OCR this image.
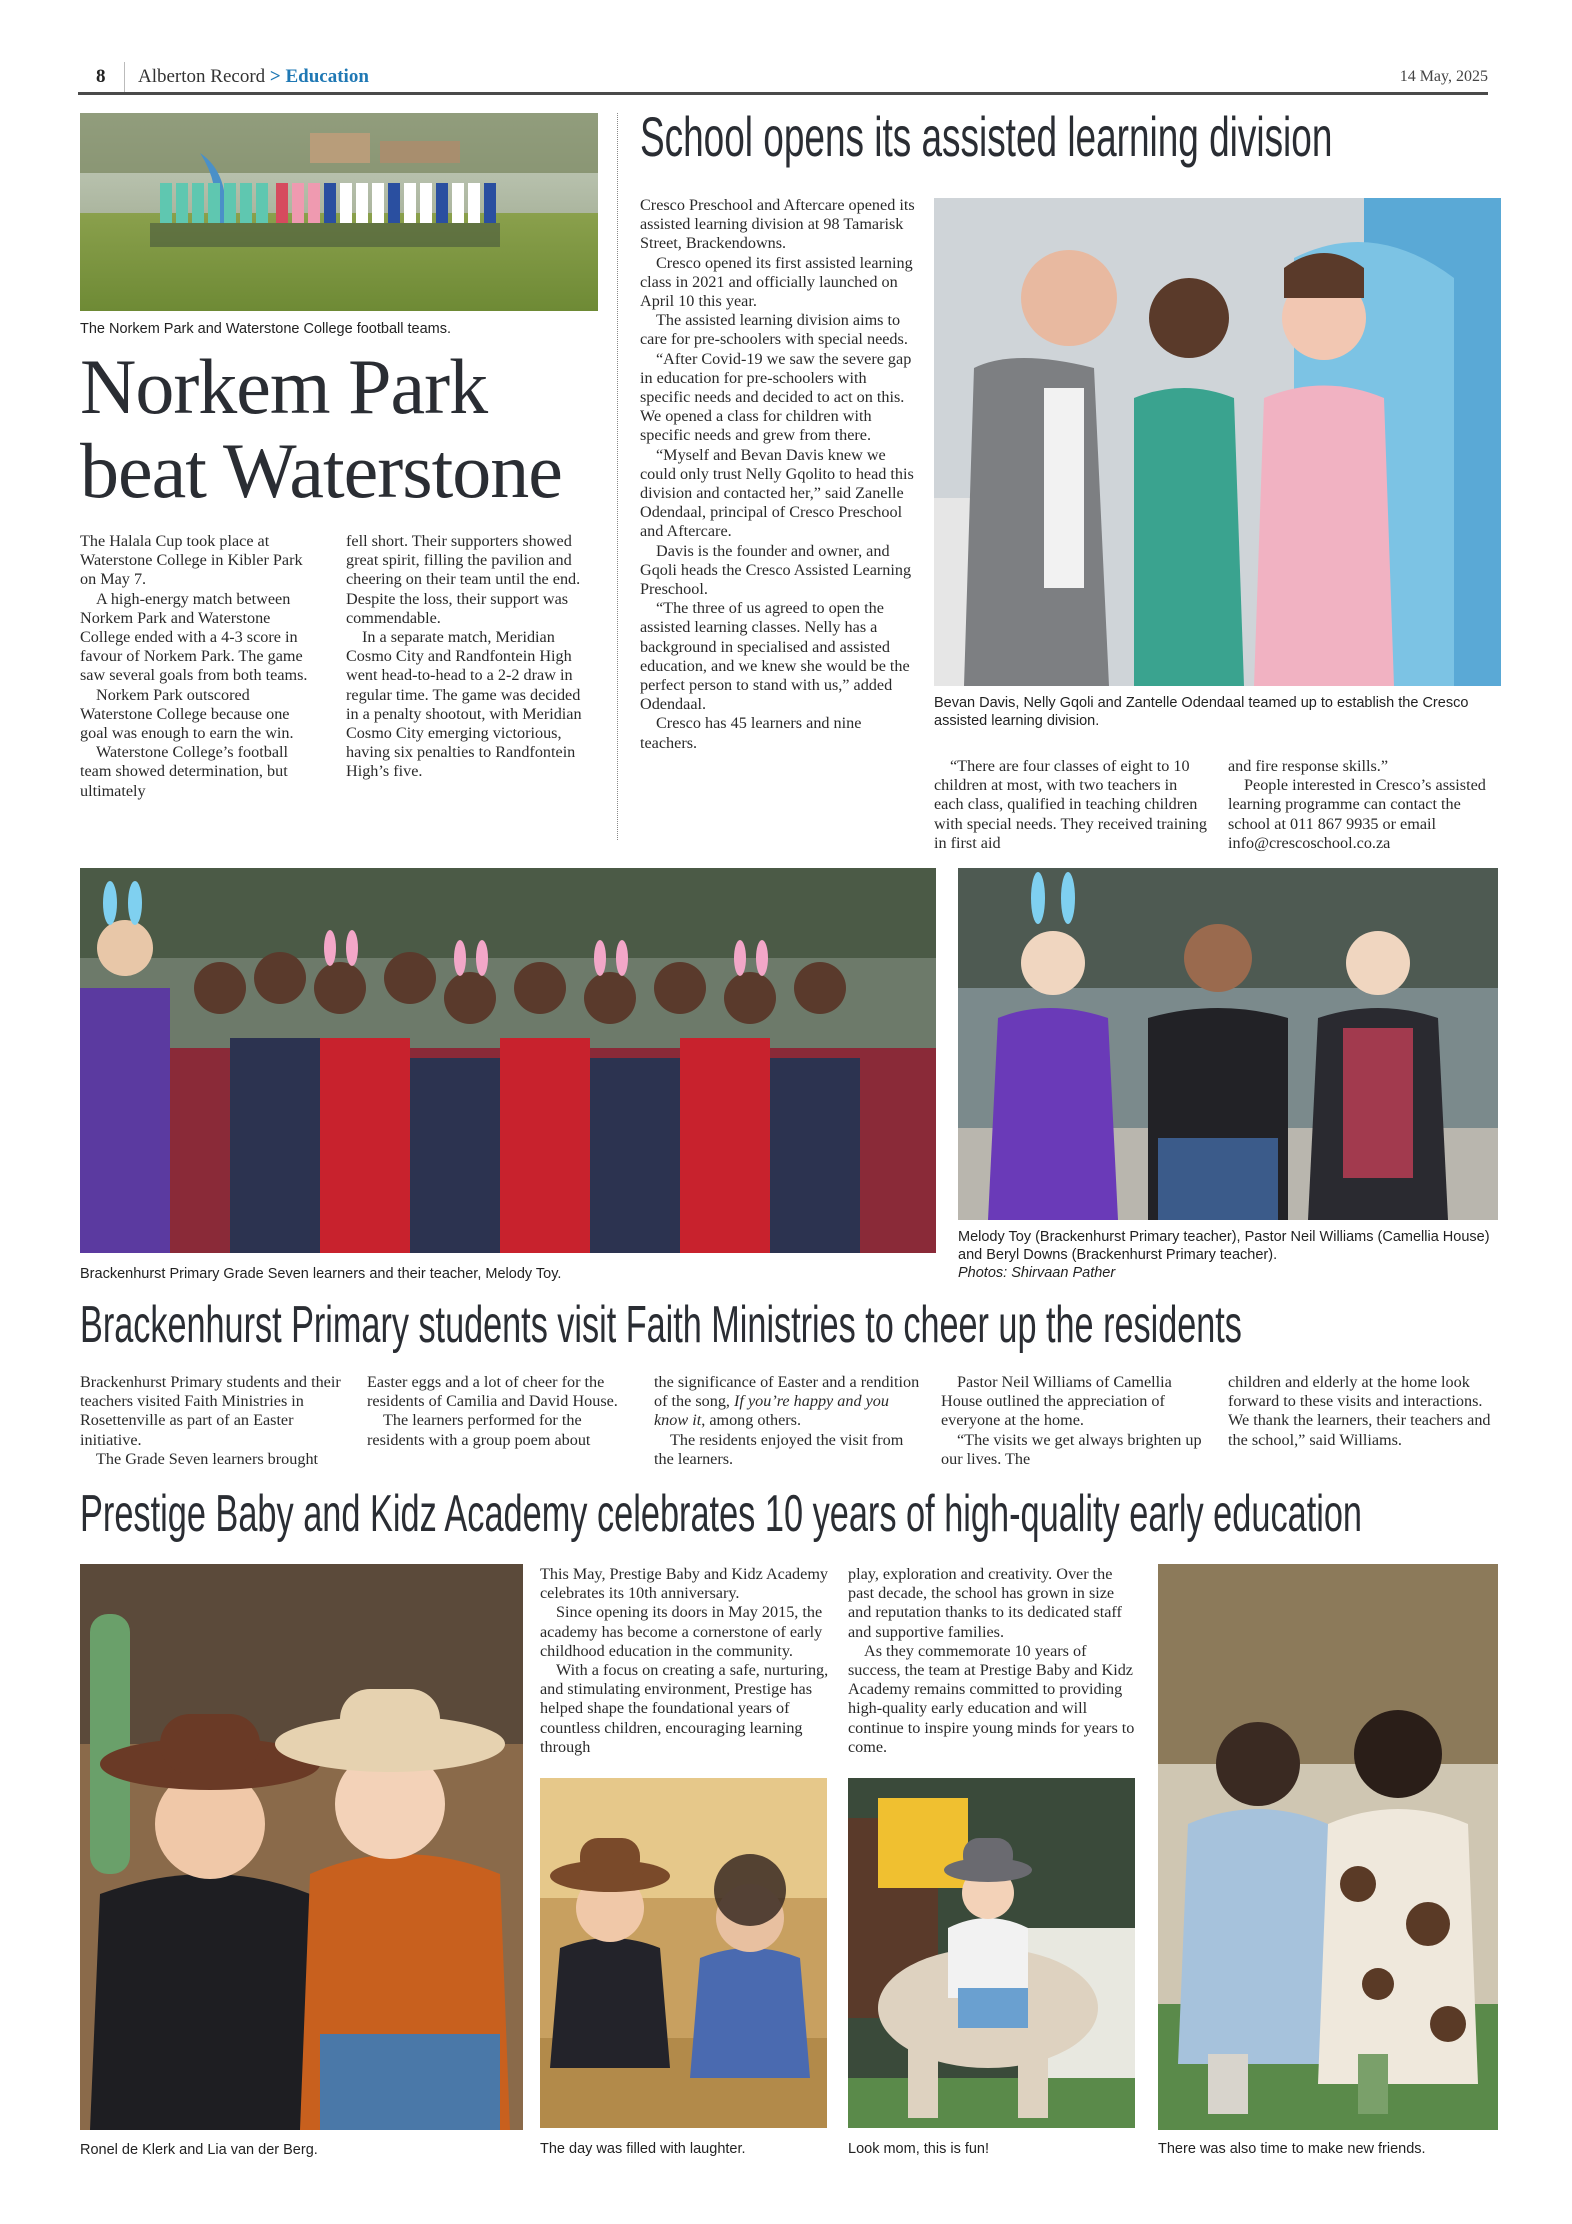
8 Alberton Record > Education	14 May, 2025
The Norkem Park and Waterstone College football teams.
Norkem Park
beat Waterstone

The Halala Cup took place at Waterstone College in Kibler Park on May 7.

A high-energy match between Norkem Park and Waterstone College ended with a 4-3 score in favour of Norkem Park. The game saw several goals from both teams.

Norkem Park outscored Waterstone College because one goal was enough to earn the win.

Waterstone College’s football team showed determination, but ultimately

fell short. Their supporters showed great spirit, filling the pavilion and cheering on their team until the end. Despite the loss, their support was commendable.

In a separate match, Meridian Cosmo City and Randfontein High went head-to-head to a 2-2 draw in regular time. The game was decided in a penalty shootout, with Meridian Cosmo City emerging victorious, having six penalties to Randfontein High’s five.

School opens its assisted learning division

Cresco Preschool and Aftercare opened its assisted learning division at 98 Tamarisk Street, Brackendowns.

Cresco opened its first assisted learning class in 2021 and officially launched on April 10 this year.

The assisted learning division aims to care for pre-schoolers with special needs.

“After Covid-19 we saw the severe gap in education for pre-schoolers with specific needs and decided to act on this. We opened a class for children with specific needs and grew from there.

“Myself and Bevan Davis knew we could only trust Nelly Gqolito to head this division and contacted her,” said Zanelle Odendaal, principal of Cresco Preschool and Aftercare.

Davis is the founder and owner, and Gqoli heads the Cresco Assisted Learning Preschool.

“The three of us agreed to open the assisted learning classes. Nelly has a background in specialised and assisted education, and we knew she would be the perfect person to stand with us,” added Odendaal.

Cresco has 45 learners and nine teachers.

Bevan Davis, Nelly Gqoli and Zantelle Odendaal teamed up to establish the Cresco assisted learning division.

“There are four classes of eight to 10 children at most, with two teachers in each class, qualified in teaching children with special needs. They received training in first aid

and fire response skills.”

People interested in Cresco’s assisted learning programme can contact the school at 011 867 9935 or email info@crescoschool.co.za

Brackenhurst Primary Grade Seven learners and their teacher, Melody Toy.
Melody Toy (Brackenhurst Primary teacher), Pastor Neil Williams (Camellia House) and Beryl Downs (Brackenhurst Primary teacher).
Photos: Shirvaan Pather
Brackenhurst Primary students visit Faith Ministries to cheer up the residents

Brackenhurst Primary students and their teachers visited Faith Ministries in Rosettenville as part of an Easter initiative.

The Grade Seven learners brought

Easter eggs and a lot of cheer for the residents of Camilia and David House.

The learners performed for the residents with a group poem about

the significance of Easter and a rendition of the song, If you’re happy and you know it, among others.

The residents enjoyed the visit from the learners.

Pastor Neil Williams of Camellia House outlined the appreciation of everyone at the home.

“The visits we get always brighten up our lives. The

children and elderly at the home look forward to these visits and interactions. We thank the learners, their teachers and the school,” said Williams.

Prestige Baby and Kidz Academy celebrates 10 years of high-quality early education
Ronel de Klerk and Lia van der Berg.

This May, Prestige Baby and Kidz Academy celebrates its 10th anniversary.

Since opening its doors in May 2015, the academy has become a cornerstone of early childhood education in the community.

With a focus on creating a safe, nurturing, and stimulating environment, Prestige has helped shape the foundational years of countless children, encouraging learning through

play, exploration and creativity. Over the past decade, the school has grown in size and reputation thanks to its dedicated staff and supportive families.

As they commemorate 10 years of success, the team at Prestige Baby and Kidz Academy remains committed to providing high-quality early education and will continue to inspire young minds for years to come.

The day was filled with laughter.	Look mom, this is fun!	There was also time to make new friends.
